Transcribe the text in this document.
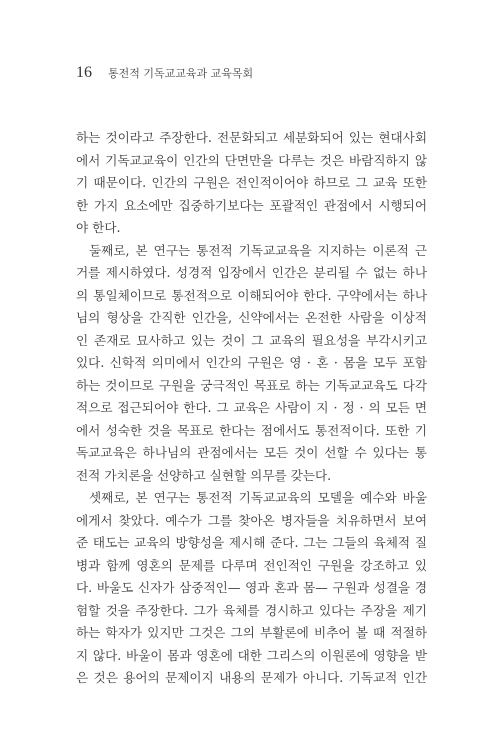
16 통전적 기독교교육과 교육목회
하는 것이라고 주장한다. 전문화되고 세분화되어 있는 현대사회
에서 기독교교육이 인간의 단면만을 다루는 것은 바람직하지 않
기 때문이다. 인간의 구원은 전인적이어야 하므로 그 교육 또한
한 가지 요소에만 집중하기보다는 포괄적인 관점에서 시행되어
야 한다.
둘째로, 본 연구는 통전적 기독교교육을 지지하는 이론적 근
거를 제시하였다. 성경적 입장에서 인간은 분리될 수 없는 하나
의 통일체이므로 통전적으로 이해되어야 한다. 구약에서는 하나
님의 형상을 간직한 인간을, 신약에서는 온전한 사람을 이상적
인 존재로 묘사하고 있는 것이 그 교육의 필요성을 부각시키고
있다. 신학적 의미에서 인간의 구원은 영 · 혼 · 몸을 모두 포함
하는 것이므로 구원을 궁극적인 목표로 하는 기독교교육도 다각
적으로 접근되어야 한다. 그 교육은 사람이 지 · 정 · 의 모든 면
에서 성숙한 것을 목표로 한다는 점에서도 통전적이다. 또한 기
독교교육은 하나님의 관점에서는 모든 것이 선할 수 있다는 통
전적 가치론을 선양하고 실현할 의무를 갖는다.
셋째로, 본 연구는 통전적 기독교교육의 모델을 예수와 바울
에게서 찾았다. 예수가 그를 찾아온 병자들을 치유하면서 보여
준 태도는 교육의 방향성을 제시해 준다. 그는 그들의 육체적 질
병과 함께 영혼의 문제를 다루며 전인적인 구원을 강조하고 있
다. 바울도 신자가 삼중적인— 영과 혼과 몸— 구원과 성결을 경
험할 것을 주장한다. 그가 육체를 경시하고 있다는 주장을 제기
하는 학자가 있지만 그것은 그의 부활론에 비추어 볼 때 적절하
지 않다. 바울이 몸과 영혼에 대한 그리스의 이원론에 영향을 받
은 것은 용어의 문제이지 내용의 문제가 아니다. 기독교적 인간
